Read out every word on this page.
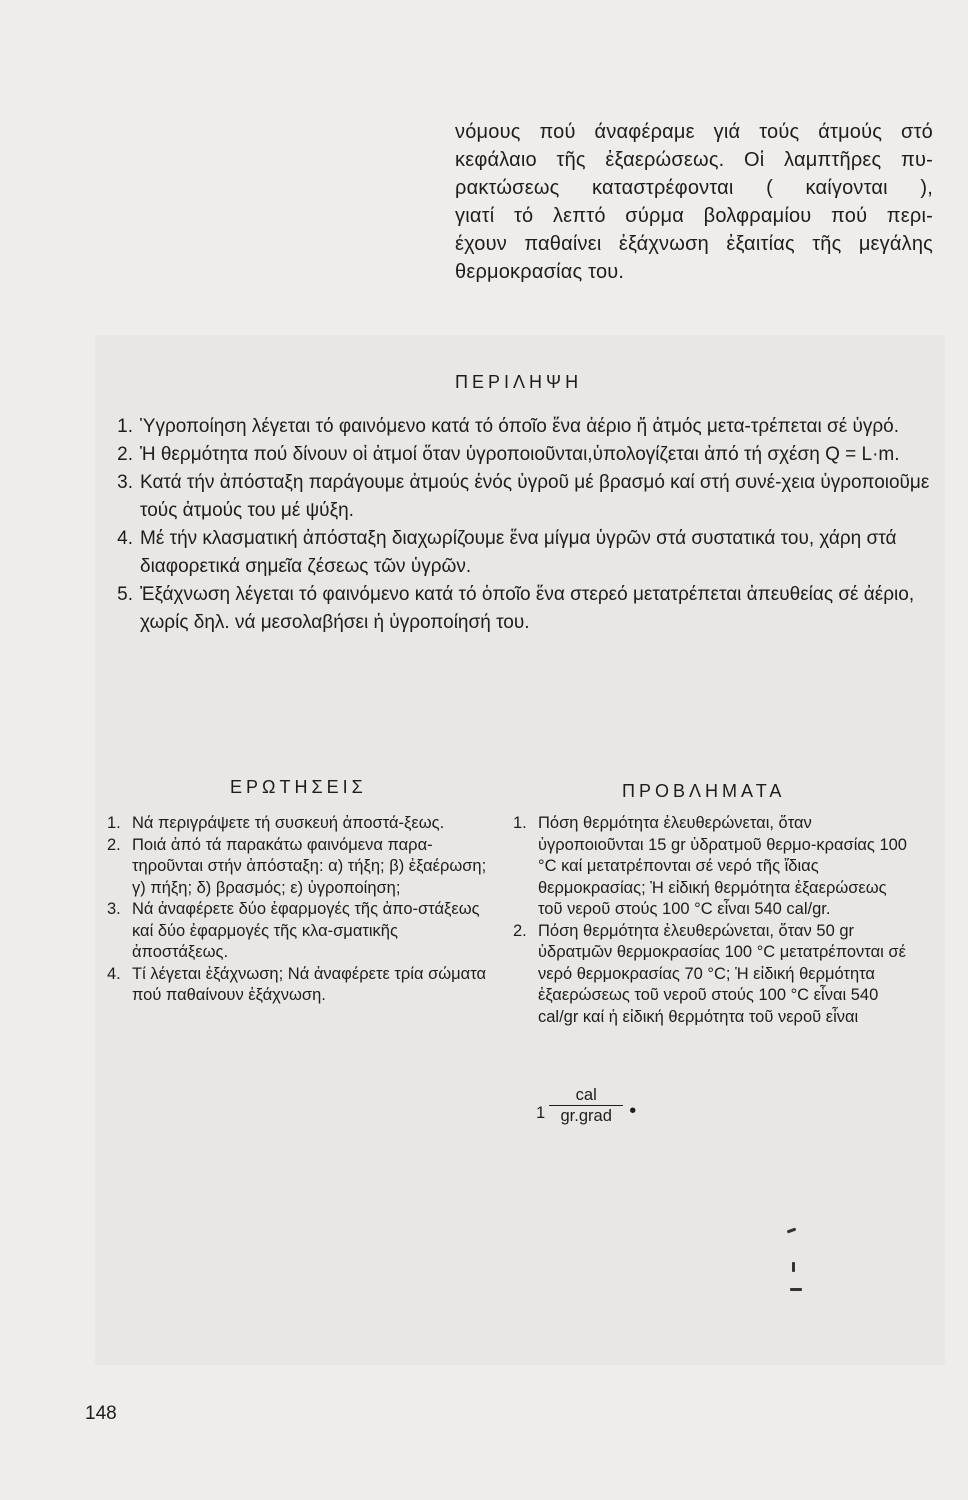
νόμους πού άναφέραμε γιά τούς άτμούς στό
κεφάλαιο τῆς ἐξαερώσεως. Οἱ λαμπτῆρες πυ-
ρακτώσεως καταστρέφονται ( καίγονται ),
γιατί τό λεπτό σύρμα βολφραμίου πού περι-
έχουν παθαίνει ἐξάχνωση ἐξαιτίας τῆς μεγάλης
θερμοκρασίας του.

ΠΕΡΙΛΗΨΗ
1. Ὑγροποίηση λέγεται τό φαινόμενο κατά τό όποῖο ἕνα ἀέριο ἤ ἀτμός μετα-τρέπεται σέ ὑγρό.
2. Ἡ θερμότητα πού δίνουν οἱ ἀτμοί ὅταν ὑγροποιοῦνται,ὑπολογίζεται ἀπό τή σχέση Q = L·m.
3. Κατά τήν ἀπόσταξη παράγουμε ἀτμούς ἑνός ὑγροῦ μέ βρασμό καί στή συνέ-χεια ὑγροποιοῦμε τούς ἀτμούς του μέ ψύξη.
4. Μέ τήν κλασματική ἀπόσταξη διαχωρίζουμε ἕνα μίγμα ὑγρῶν στά συστατικά του, χάρη στά διαφορετικά σημεῖα ζέσεως τῶν ὑγρῶν.
5. Ἐξάχνωση λέγεται τό φαινόμενο κατά τό ὁποῖο ἕνα στερεό μετατρέπεται ἀπευθείας σέ ἀέριο, χωρίς δηλ. νά μεσολαβήσει ἡ ὑγροποίησή του.
ΕΡΩΤΗΣΕΙΣ
1. Νά περιγράψετε τή συσκευή ἀποστά-ξεως.
2. Ποιά ἀπό τά παρακάτω φαινόμενα παρα-τηροῦνται στήν ἀπόσταξη: α) τήξη; β) ἐξαέρωση; γ) πήξη; δ) βρασμός; ε) ὑγροποίηση;
3. Νά ἀναφέρετε δύο ἐφαρμογές τῆς ἀπο-στάξεως καί δύο ἐφαρμογές τῆς κλα-σματικῆς ἀποστάξεως.
4. Τί λέγεται ἐξάχνωση; Νά ἀναφέρετε τρία σώματα πού παθαίνουν ἐξάχνωση.
ΠΡΟΒΛΗΜΑΤΑ
1. Πόση θερμότητα ἐλευθερώνεται, ὅταν ὑγροποιοῦνται 15 gr ὑδρατμοῦ θερμο-κρασίας 100 °C καί μετατρέπονται σέ νερό τῆς ἴδιας θερμοκρασίας; Ἡ εἰδική θερμότητα ἐξαερώσεως τοῦ νεροῦ στούς 100 °C εἶναι 540 cal/gr.
2. Πόση θερμότητα ἐλευθερώνεται, ὅταν 50 gr ὑδρατμῶν θερμοκρασίας 100 °C μετατρέπονται σέ νερό θερμοκρασίας 70 °C; Ἡ εἰδική θερμότητα ἐξαερώσεως τοῦ νεροῦ στούς 100 °C εἶναι 540 cal/gr καί ἡ εἰδική θερμότητα τοῦ νεροῦ εἶναι
$1 \frac{\text{cal}}{\text{gr.grad}}$ •
148
